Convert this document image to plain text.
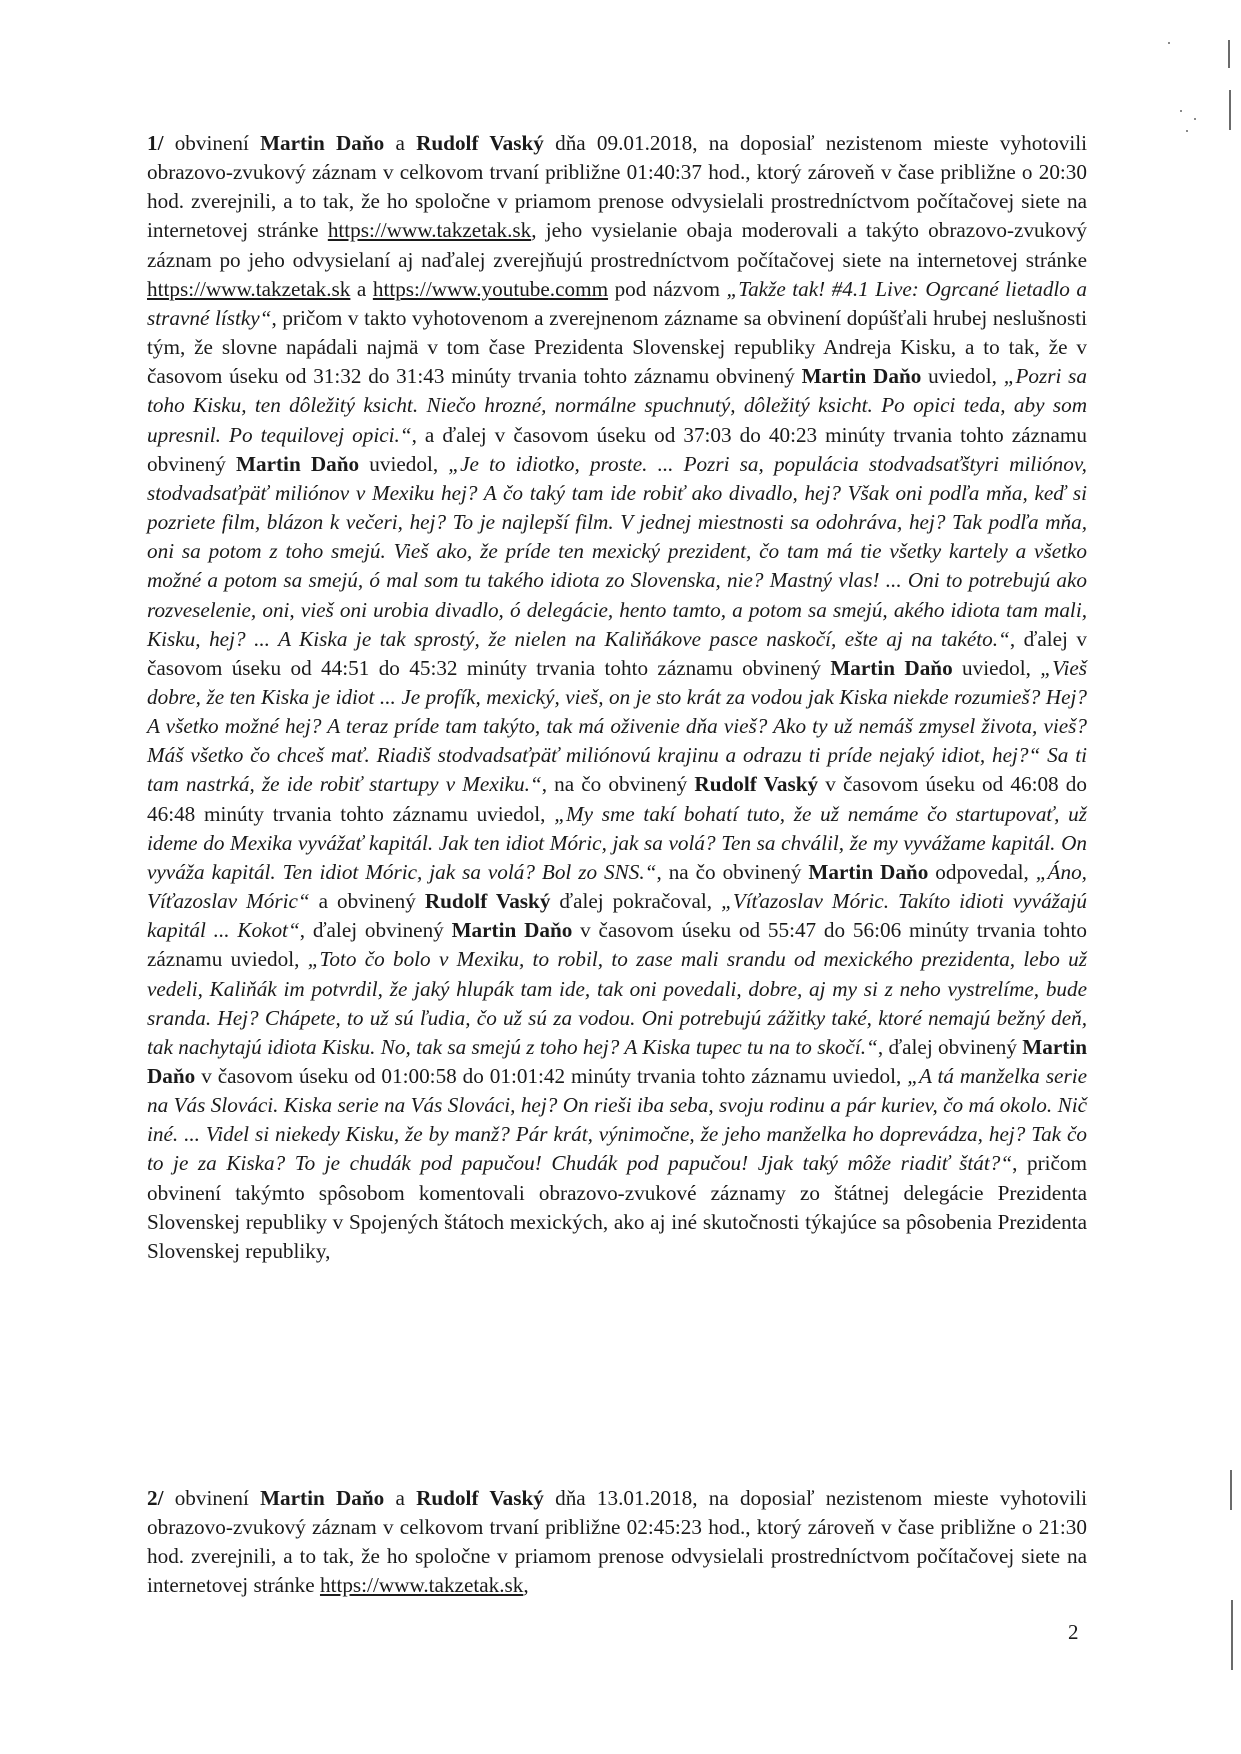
1/ obvinení Martin Daňo a Rudolf Vaský dňa 09.01.2018, na doposiaľ nezistenom mieste vyhotovili obrazovo-zvukový záznam v celkovom trvaní približne 01:40:37 hod., ktorý zároveň v čase približne o 20:30 hod. zverejnili, a to tak, že ho spoločne v priamom prenose odvysielali prostredníctvom počítačovej siete na internetovej stránke https://www.takzetak.sk, jeho vysielanie obaja moderovali a takýto obrazovo-zvukový záznam po jeho odvysielaní aj naďalej zverejňujú prostredníctvom počítačovej siete na internetovej stránke https://www.takzetak.sk a https://www.youtube.comm pod názvom „Takže tak! #4.1 Live: Ogrcané lietadlo a stravné lístky“, pričom v takto vyhotovenom a zverejnenom zázname sa obvinení dopúšťali hrubej neslušnosti tým, že slovne napádali najmä v tom čase Prezidenta Slovenskej republiky Andreja Kisku, a to tak, že v časovom úseku od 31:32 do 31:43 minúty trvania tohto záznamu obvinený Martin Daňo uviedol, „Pozri sa toho Kisku, ten dôležitý ksicht. Niečo hrozné, normálne spuchnutý, dôležitý ksicht. Po opici teda, aby som upresnil. Po tequilovej opici.“, a ďalej v časovom úseku od 37:03 do 40:23 minúty trvania tohto záznamu obvinený Martin Daňo uviedol, „Je to idiotko, proste. ... Pozri sa, populácia stodvadsaťštyri miliónov, stodvadsaťpäť miliónov v Mexiku hej? A čo taký tam ide robiť ako divadlo, hej? Však oni podľa mňa, keď si pozriete film, blázon k večeri, hej? To je najlepší film. V jednej miestnosti sa odohráva, hej? Tak podľa mňa, oni sa potom z toho smejú. Vieš ako, že príde ten mexický prezident, čo tam má tie všetky kartely a všetko možné a potom sa smejú, ó mal som tu takého idiota zo Slovenska, nie? Mastný vlas! ... Oni to potrebujú ako rozveselenie, oni, vieš oni urobia divadlo, ó delegácie, hento tamto, a potom sa smejú, akého idiota tam mali, Kisku, hej? ... A Kiska je tak sprostý, že nielen na Kaliňákove pasce naskočí, ešte aj na takéto.“, ďalej v časovom úseku od 44:51 do 45:32 minúty trvania tohto záznamu obvinený Martin Daňo uviedol, „Vieš dobre, že ten Kiska je idiot ... Je profík, mexický, vieš, on je sto krát za vodou jak Kiska niekde rozumieš? Hej? A všetko možné hej? A teraz príde tam takýto, tak má oživenie dňa vieš? Ako ty už nemáš zmysel života, vieš? Máš všetko čo chceš mať. Riadiš stodvadsaťpäť miliónovú krajinu a odrazu ti príde nejaký idiot, hej?“ Sa ti tam nastrká, že ide robiť startupy v Mexiku.“, na čo obvinený Rudolf Vaský v časovom úseku od 46:08 do 46:48 minúty trvania tohto záznamu uviedol, „My sme takí bohatí tuto, že už nemáme čo startupovať, už ideme do Mexika vyvážať kapitál. Jak ten idiot Móric, jak sa volá? Ten sa chválil, že my vyvážame kapitál. On vyváža kapitál. Ten idiot Móric, jak sa volá? Bol zo SNS.“, na čo obvinený Martin Daňo odpovedal, „Áno, Víťazoslav Móric“ a obvinený Rudolf Vaský ďalej pokračoval, „Víťazoslav Móric. Takíto idioti vyvážajú kapitál ... Kokot“, ďalej obvinený Martin Daňo v časovom úseku od 55:47 do 56:06 minúty trvania tohto záznamu uviedol, „Toto čo bolo v Mexiku, to robil, to zase mali srandu od mexického prezidenta, lebo už vedeli, Kaliňák im potvrdil, že jaký hlupák tam ide, tak oni povedali, dobre, aj my si z neho vystrelíme, bude sranda. Hej? Chápete, to už sú ľudia, čo už sú za vodou. Oni potrebujú zážitky také, ktoré nemajú bežný deň, tak nachytajú idiota Kisku. No, tak sa smejú z toho hej? A Kiska tupec tu na to skočí.“, ďalej obvinený Martin Daňo v časovom úseku od 01:00:58 do 01:01:42 minúty trvania tohto záznamu uviedol, „A tá manželka serie na Vás Slováci. Kiska serie na Vás Slováci, hej? On rieši iba seba, svoju rodinu a pár kuriev, čo má okolo. Nič iné. ... Videl si niekedy Kisku, že by manž? Pár krát, výnimočne, že jeho manželka ho doprevádza, hej? Tak čo to je za Kiska? To je chudák pod papučou! Chudák pod papučou! Jjak taký môže riadiť štát?“, pričom obvinení takýmto spôsobom komentovali obrazovo-zvukové záznamy zo štátnej delegácie Prezidenta Slovenskej republiky v Spojených štátoch mexických, ako aj iné skutočnosti týkajúce sa pôsobenia Prezidenta Slovenskej republiky,

2/ obvinení Martin Daňo a Rudolf Vaský dňa 13.01.2018, na doposiaľ nezistenom mieste vyhotovili obrazovo-zvukový záznam v celkovom trvaní približne 02:45:23 hod., ktorý zároveň v čase približne o 21:30 hod. zverejnili, a to tak, že ho spoločne v priamom prenose odvysielali prostredníctvom počítačovej siete na internetovej stránke https://www.takzetak.sk,

2
